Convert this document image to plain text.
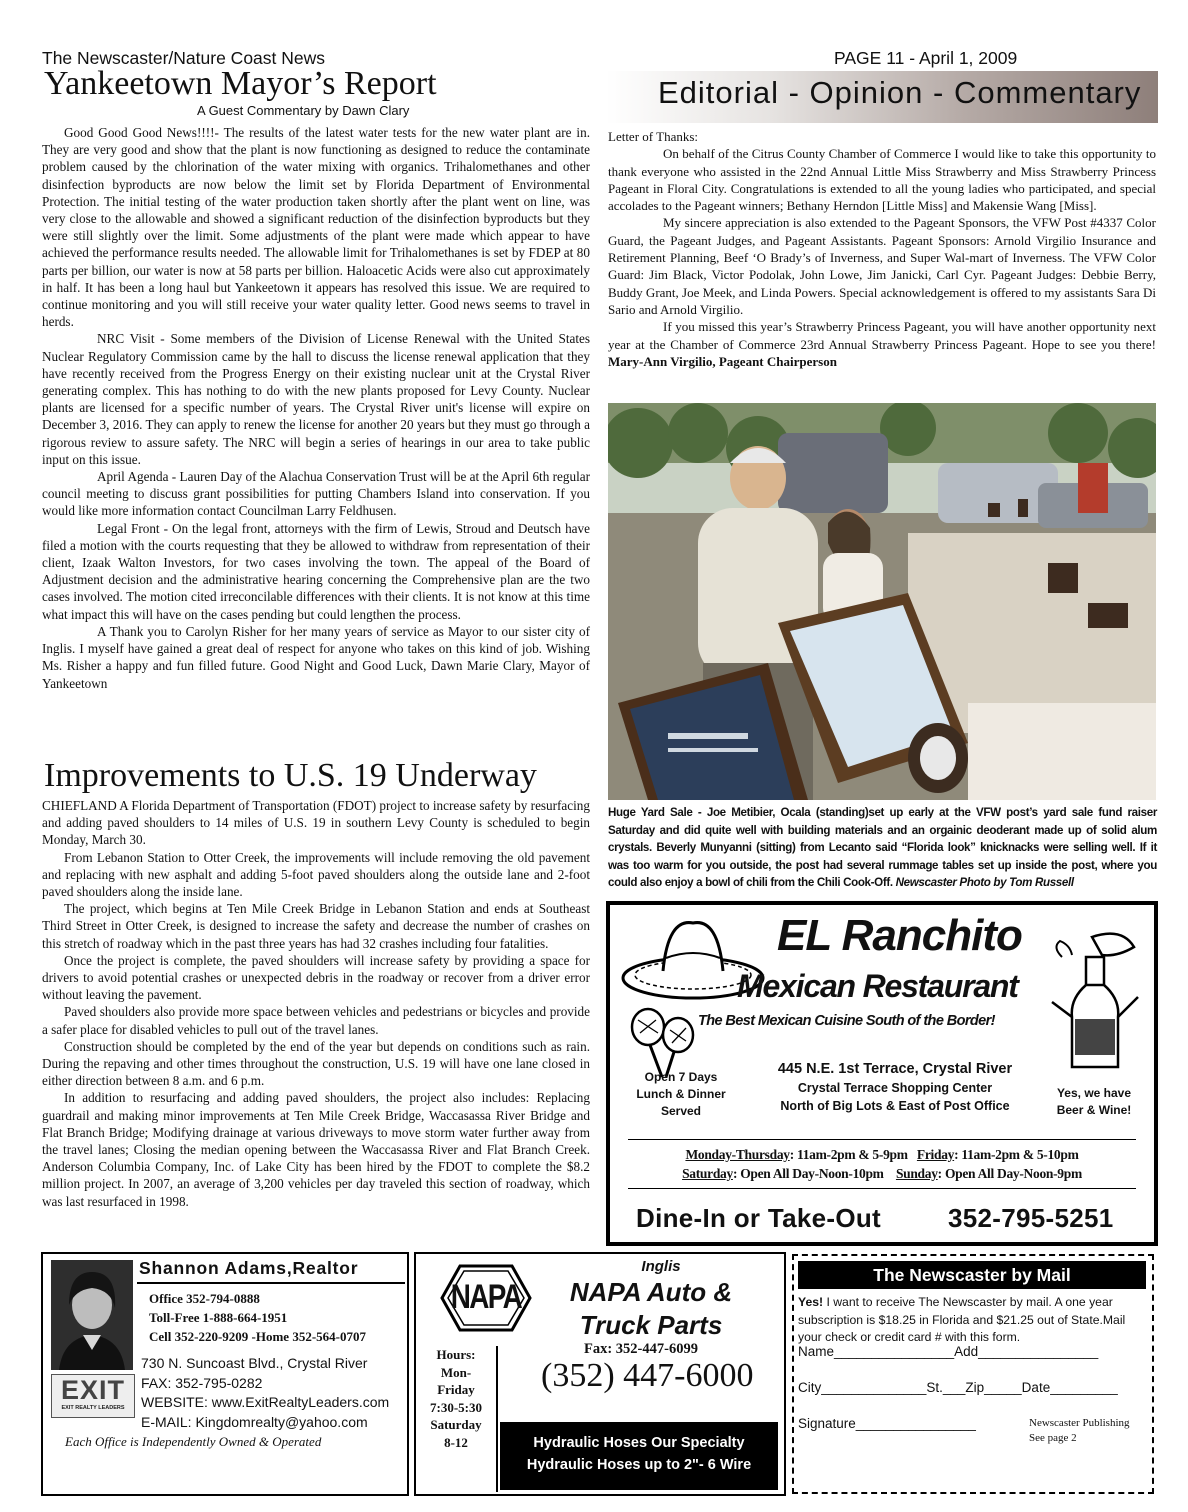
The Newscaster/Nature Coast News	PAGE 11 - April 1, 2009
Yankeetown Mayor’s Report
A Guest Commentary by Dawn Clary

Good Good Good News!!!!- The results of the latest water tests for the new water plant are in. They are very good and show that the plant is now functioning as designed to reduce the contaminate problem caused by the chlorination of the water mixing with organics. Trihalomethanes and other disinfection byproducts are now below the limit set by Florida Department of Environmental Protection. The initial testing of the water production taken shortly after the plant went on line, was very close to the allowable and showed a significant reduction of the disinfection byproducts but they were still slightly over the limit. Some adjustments of the plant were made which appear to have achieved the performance results needed. The allowable limit for Trihalomethanes is set by FDEP at 80 parts per billion, our water is now at 58 parts per billion. Haloacetic Acids were also cut approximately in half. It has been a long haul but Yankeetown it appears has resolved this issue. We are required to continue monitoring and you will still receive your water quality letter. Good news seems to travel in herds.

NRC Visit - Some members of the Division of License Renewal with the United States Nuclear Regulatory Commission came by the hall to discuss the license renewal application that they have recently received from the Progress Energy on their existing nuclear unit at the Crystal River generating complex. This has nothing to do with the new plants proposed for Levy County. Nuclear plants are licensed for a specific number of years. The Crystal River unit's license will expire on December 3, 2016. They can apply to renew the license for another 20 years but they must go through a rigorous review to assure safety. The NRC will begin a series of hearings in our area to take public input on this issue.

April Agenda - Lauren Day of the Alachua Conservation Trust will be at the April 6th regular council meeting to discuss grant possibilities for putting Chambers Island into conservation. If you would like more information contact Councilman Larry Feldhusen.

Legal Front - On the legal front, attorneys with the firm of Lewis, Stroud and Deutsch have filed a motion with the courts requesting that they be allowed to withdraw from representation of their client, Izaak Walton Investors, for two cases involving the town. The appeal of the Board of Adjustment decision and the administrative hearing concerning the Comprehensive plan are the two cases involved. The motion cited irreconcilable differences with their clients. It is not know at this time what impact this will have on the cases pending but could lengthen the process.

A Thank you to Carolyn Risher for her many years of service as Mayor to our sister city of Inglis. I myself have gained a great deal of respect for anyone who takes on this kind of job. Wishing Ms. Risher a happy and fun filled future. Good Night and Good Luck, Dawn Marie Clary, Mayor of Yankeetown

Improvements to U.S. 19 Underway

CHIEFLAND A Florida Department of Transportation (FDOT) project to increase safety by resurfacing and adding paved shoulders to 14 miles of U.S. 19 in southern Levy County is scheduled to begin Monday, March 30.

From Lebanon Station to Otter Creek, the improvements will include removing the old pavement and replacing with new asphalt and adding 5-foot paved shoulders along the outside lane and 2-foot paved shoulders along the inside lane.

The project, which begins at Ten Mile Creek Bridge in Lebanon Station and ends at Southeast Third Street in Otter Creek, is designed to increase the safety and decrease the number of crashes on this stretch of roadway which in the past three years has had 32 crashes including four fatalities.

Once the project is complete, the paved shoulders will increase safety by providing a space for drivers to avoid potential crashes or unexpected debris in the roadway or recover from a driver error without leaving the pavement.

Paved shoulders also provide more space between vehicles and pedestrians or bicycles and provide a safer place for disabled vehicles to pull out of the travel lanes.

Construction should be completed by the end of the year but depends on conditions such as rain. During the repaving and other times throughout the construction, U.S. 19 will have one lane closed in either direction between 8 a.m. and 6 p.m.

In addition to resurfacing and adding paved shoulders, the project also includes: Replacing guardrail and making minor improvements at Ten Mile Creek Bridge, Waccasassa River Bridge and Flat Branch Bridge; Modifying drainage at various driveways to move storm water further away from the travel lanes; Closing the median opening between the Waccasassa River and Flat Branch Creek. Anderson Columbia Company, Inc. of Lake City has been hired by the FDOT to complete the $8.2 million project. In 2007, an average of 3,200 vehicles per day traveled this section of roadway, which was last resurfaced in 1998.

Editorial - Opinion - Commentary

Letter of Thanks:

On behalf of the Citrus County Chamber of Commerce I would like to take this opportunity to thank everyone who assisted in the 22nd Annual Little Miss Strawberry and Miss Strawberry Princess Pageant in Floral City. Congratulations is extended to all the young ladies who participated, and special accolades to the Pageant winners; Bethany Herndon [Little Miss] and Makensie Wang [Miss].

My sincere appreciation is also extended to the Pageant Sponsors, the VFW Post #4337 Color Guard, the Pageant Judges, and Pageant Assistants. Pageant Sponsors: Arnold Virgilio Insurance and Retirement Planning, Beef ‘O Brady’s of Inverness, and Super Wal-mart of Inverness. The VFW Color Guard: Jim Black, Victor Podolak, John Lowe, Jim Janicki, Carl Cyr. Pageant Judges: Debbie Berry, Buddy Grant, Joe Meek, and Linda Powers. Special acknowledgement is offered to my assistants Sara Di Sario and Arnold Virgilio.

If you missed this year’s Strawberry Princess Pageant, you will have another opportunity next year at the Chamber of Commerce 23rd Annual Strawberry Princess Pageant. Hope to see you there! Mary-Ann Virgilio, Pageant Chairperson

Huge Yard Sale - Joe Metibier, Ocala (standing)set up early at the VFW post’s yard sale fund raiser Saturday and did quite well with building materials and an orgainic deoderant made up of solid alum crystals. Beverly Munyanni (sitting) from Lecanto said “Florida look” knicknacks were selling well. If it was too warm for you outside, the post had several rummage tables set up inside the post, where you could also enjoy a bowl of chili from the Chili Cook-Off. Newscaster Photo by Tom Russell
EL Ranchito
Mexican Restaurant
The Best Mexican Cuisine South of the Border!
Open 7 Days
Lunch & Dinner
Served
445 N.E. 1st Terrace, Crystal River
Crystal Terrace Shopping Center
North of Big Lots & East of Post Office
Yes, we have
Beer & Wine!
Monday-Thursday: 11am-2pm & 5-9pm Friday: 11am-2pm & 5-10pm
Saturday: Open All Day-Noon-10pm Sunday: Open All Day-Noon-9pm
Dine-In or Take-Out	352-795-5251
EXIT
EXIT REALTY LEADERS
Shannon Adams,Realtor
Office 352-794-0888
Toll-Free 1-888-664-1951
Cell 352-220-9209 -Home 352-564-0707
730 N. Suncoast Blvd., Crystal River
FAX: 352-795-0282
WEBSITE: www.ExitRealtyLeaders.com
E-MAIL: Kingdomrealty@yahoo.com
Each Office is Independently Owned & Operated
NAPA
Inglis
NAPA Auto &
Truck Parts
Fax: 352-447-6099
(352) 447-6000
Hours:
Mon-
Friday
7:30-5:30
Saturday
8-12	Hydraulic Hoses Our Specialty
Hydraulic Hoses up to 2"- 6 Wire
The Newscaster by Mail
Yes! I want to receive The Newscaster by mail. A one year subscription is $18.25 in Florida and $21.25 out of State.Mail your check or credit card # with this form.
Name________________Add________________
City______________St.___Zip_____Date_________
Signature________________	Newscaster Publishing
See page 2
